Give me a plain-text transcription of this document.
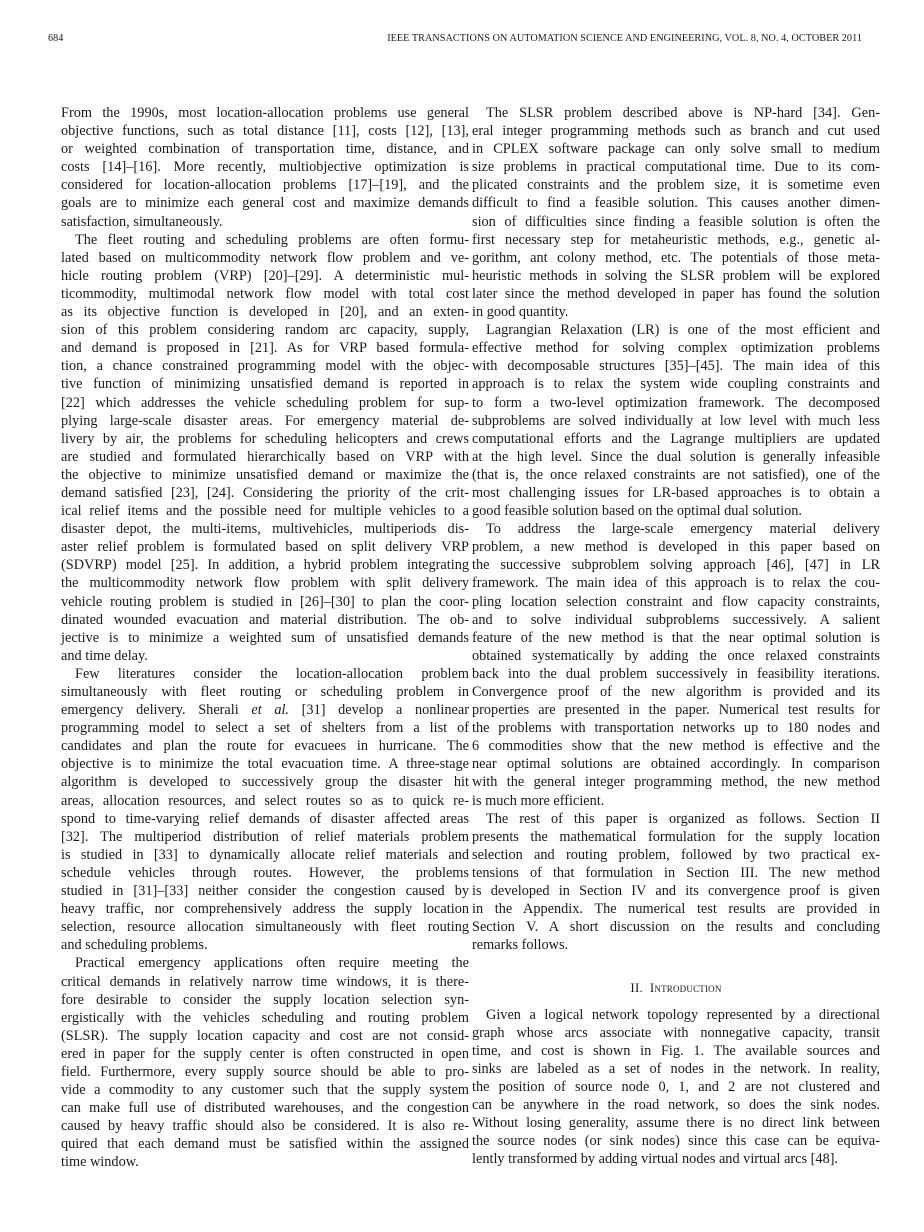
684	IEEE TRANSACTIONS ON AUTOMATION SCIENCE AND ENGINEERING, VOL. 8, NO. 4, OCTOBER 2011
From the 1990s, most location-allocation problems use general
objective functions, such as total distance [11], costs [12], [13],
or weighted combination of transportation time, distance, and
costs [14]–[16]. More recently, multiobjective optimization is
considered for location-allocation problems [17]–[19], and the
goals are to minimize each general cost and maximize demands
satisfaction, simultaneously.
The fleet routing and scheduling problems are often formu-
lated based on multicommodity network flow problem and ve-
hicle routing problem (VRP) [20]–[29]. A deterministic mul-
ticommodity, multimodal network flow model with total cost
as its objective function is developed in [20], and an exten-
sion of this problem considering random arc capacity, supply,
and demand is proposed in [21]. As for VRP based formula-
tion, a chance constrained programming model with the objec-
tive function of minimizing unsatisfied demand is reported in
[22] which addresses the vehicle scheduling problem for sup-
plying large-scale disaster areas. For emergency material de-
livery by air, the problems for scheduling helicopters and crews
are studied and formulated hierarchically based on VRP with
the objective to minimize unsatisfied demand or maximize the
demand satisfied [23], [24]. Considering the priority of the crit-
ical relief items and the possible need for multiple vehicles to a
disaster depot, the multi-items, multivehicles, multiperiods dis-
aster relief problem is formulated based on split delivery VRP
(SDVRP) model [25]. In addition, a hybrid problem integrating
the multicommodity network flow problem with split delivery
vehicle routing problem is studied in [26]–[30] to plan the coor-
dinated wounded evacuation and material distribution. The ob-
jective is to minimize a weighted sum of unsatisfied demands
and time delay.
Few literatures consider the location-allocation problem
simultaneously with fleet routing or scheduling problem in
emergency delivery. Sherali et al. [31] develop a nonlinear
programming model to select a set of shelters from a list of
candidates and plan the route for evacuees in hurricane. The
objective is to minimize the total evacuation time. A three-stage
algorithm is developed to successively group the disaster hit
areas, allocation resources, and select routes so as to quick re-
spond to time-varying relief demands of disaster affected areas
[32]. The multiperiod distribution of relief materials problem
is studied in [33] to dynamically allocate relief materials and
schedule vehicles through routes. However, the problems
studied in [31]–[33] neither consider the congestion caused by
heavy traffic, nor comprehensively address the supply location
selection, resource allocation simultaneously with fleet routing
and scheduling problems.
Practical emergency applications often require meeting the
critical demands in relatively narrow time windows, it is there-
fore desirable to consider the supply location selection syn-
ergistically with the vehicles scheduling and routing problem
(SLSR). The supply location capacity and cost are not consid-
ered in paper for the supply center is often constructed in open
field. Furthermore, every supply source should be able to pro-
vide a commodity to any customer such that the supply system
can make full use of distributed warehouses, and the congestion
caused by heavy traffic should also be considered. It is also re-
quired that each demand must be satisfied within the assigned
time window.
The SLSR problem described above is NP-hard [34]. Gen-
eral integer programming methods such as branch and cut used
in CPLEX software package can only solve small to medium
size problems in practical computational time. Due to its com-
plicated constraints and the problem size, it is sometime even
difficult to find a feasible solution. This causes another dimen-
sion of difficulties since finding a feasible solution is often the
first necessary step for metaheuristic methods, e.g., genetic al-
gorithm, ant colony method, etc. The potentials of those meta-
heuristic methods in solving the SLSR problem will be explored
later since the method developed in paper has found the solution
in good quantity.
Lagrangian Relaxation (LR) is one of the most efficient and
effective method for solving complex optimization problems
with decomposable structures [35]–[45]. The main idea of this
approach is to relax the system wide coupling constraints and
to form a two-level optimization framework. The decomposed
subproblems are solved individually at low level with much less
computational efforts and the Lagrange multipliers are updated
at the high level. Since the dual solution is generally infeasible
(that is, the once relaxed constraints are not satisfied), one of the
most challenging issues for LR-based approaches is to obtain a
good feasible solution based on the optimal dual solution.
To address the large-scale emergency material delivery
problem, a new method is developed in this paper based on
the successive subproblem solving approach [46], [47] in LR
framework. The main idea of this approach is to relax the cou-
pling location selection constraint and flow capacity constraints,
and to solve individual subproblems successively. A salient
feature of the new method is that the near optimal solution is
obtained systematically by adding the once relaxed constraints
back into the dual problem successively in feasibility iterations.
Convergence proof of the new algorithm is provided and its
properties are presented in the paper. Numerical test results for
the problems with transportation networks up to 180 nodes and
6 commodities show that the new method is effective and the
near optimal solutions are obtained accordingly. In comparison
with the general integer programming method, the new method
is much more efficient.
The rest of this paper is organized as follows. Section II
presents the mathematical formulation for the supply location
selection and routing problem, followed by two practical ex-
tensions of that formulation in Section III. The new method
is developed in Section IV and its convergence proof is given
in the Appendix. The numerical test results are provided in
Section V. A short discussion on the results and concluding
remarks follows.
II. Introduction
Given a logical network topology represented by a directional
graph whose arcs associate with nonnegative capacity, transit
time, and cost is shown in Fig. 1. The available sources and
sinks are labeled as a set of nodes in the network. In reality,
the position of source node 0, 1, and 2 are not clustered and
can be anywhere in the road network, so does the sink nodes.
Without losing generality, assume there is no direct link between
the source nodes (or sink nodes) since this case can be equiva-
lently transformed by adding virtual nodes and virtual arcs [48].
